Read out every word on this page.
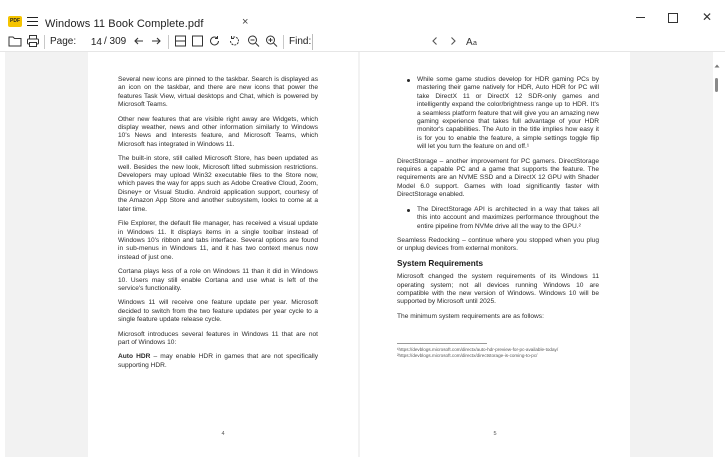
PDF Windows 11 Book Complete.pdf	×	✕
Page:
14	/ 309	Find:	A a

Several new icons are pinned to the taskbar. Search is displayed as an icon on the taskbar, and there are new icons that power the features Task View, virtual desktops and Chat, which is powered by Microsoft Teams.

Other new features that are visible right away are Widgets, which display weather, news and other information similarly to Windows 10's News and Interests feature, and Microsoft Teams, which Microsoft has integrated in Windows 11.

The built-in store, still called Microsoft Store, has been updated as well. Besides the new look, Microsoft lifted submission restrictions. Developers may upload Win32 executable files to the Store now, which paves the way for apps such as Adobe Creative Cloud, Zoom, Disney+ or Visual Studio. Android application support, courtesy of the Amazon App Store and another subsystem, looks to come at a later time.

File Explorer, the default file manager, has received a visual update in Windows 11. It displays items in a single toolbar instead of Windows 10's ribbon and tabs interface. Several options are found in sub-menus in Windows 11, and it has two context menus now instead of just one.

Cortana plays less of a role on Windows 11 than it did in Windows 10. Users may still enable Cortana and use what is left of the service's functionality.

Windows 11 will receive one feature update per year. Microsoft decided to switch from the two feature updates per year cycle to a single feature update release cycle.

Microsoft introduces several features in Windows 11 that are not part of Windows 10:

Auto HDR – may enable HDR in games that are not specifically supporting HDR.

4

While some game studios develop for HDR gaming PCs by mastering their game natively for HDR, Auto HDR for PC will take DirectX 11 or DirectX 12 SDR-only games and intelligently expand the color/brightness range up to HDR. It's a seamless platform feature that will give you an amazing new gaming experience that takes full advantage of your HDR monitor's capabilities. The Auto in the title implies how easy it is for you to enable the feature, a simple settings toggle flip will let you turn the feature on and off.¹

DirectStorage – another improvement for PC gamers. DirectStorage requires a capable PC and a game that supports the feature. The requirements are an NVME SSD and a DirectX 12 GPU with Shader Model 6.0 support. Games with load significantly faster with DirectStorage enabled.

The DirectStorage API is architected in a way that takes all this into account and maximizes performance throughout the entire pipeline from NVMe drive all the way to the GPU.²

Seamless Redocking – continue where you stopped when you plug or unplug devices from external monitors.

System Requirements

Microsoft changed the system requirements of its Windows 11 operating system; not all devices running Windows 10 are compatible with the new version of Windows. Windows 10 will be supported by Microsoft until 2025.

The minimum system requirements are as follows:

¹https://devblogs.microsoft.com/directx/auto-hdr-preview-for-pc-available-today/

²https://devblogs.microsoft.com/directx/directstorage-is-coming-to-pc/

5
